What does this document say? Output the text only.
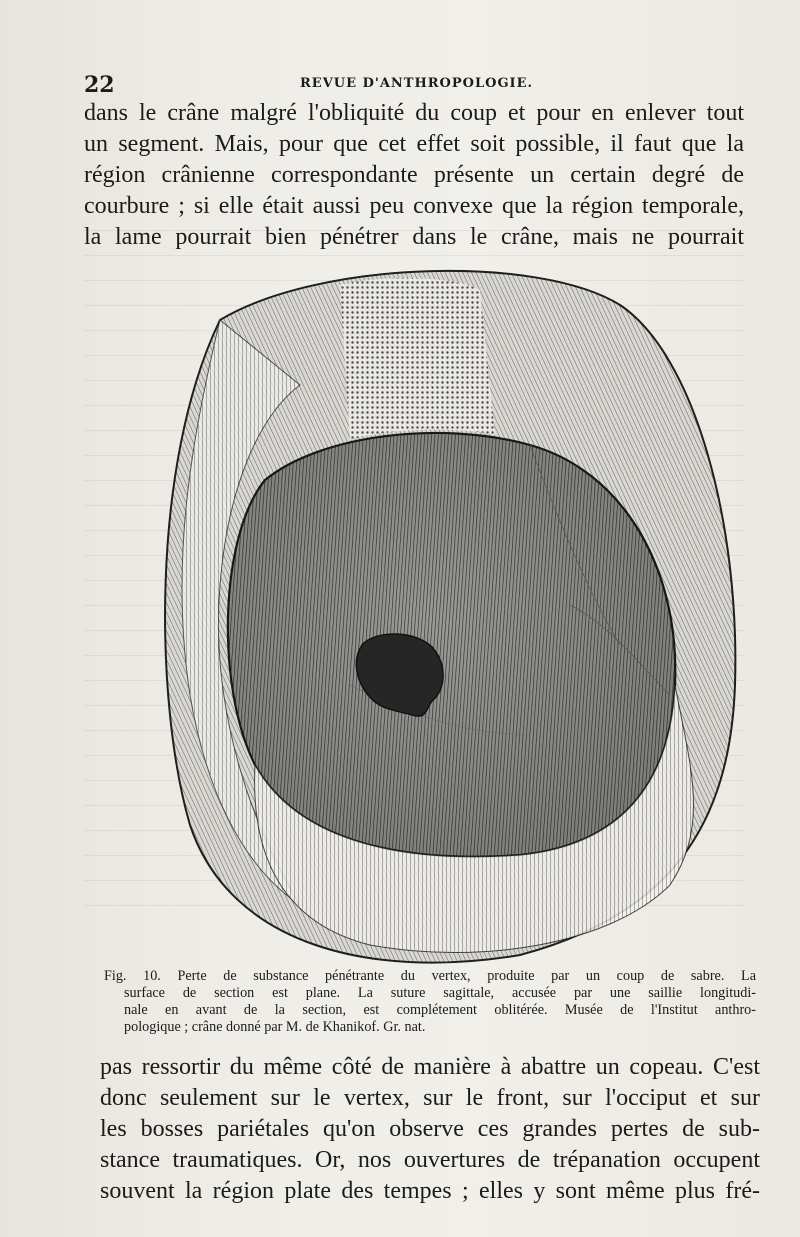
22	REVUE D'ANTHROPOLOGIE.
dans le crâne malgré l'obliquité du coup et pour en enlever tout
un segment. Mais, pour que cet effet soit possible, il faut que la
région crânienne correspondante présente un certain degré de
courbure ; si elle était aussi peu convexe que la région temporale,
la lame pourrait bien pénétrer dans le crâne, mais ne pourrait
Fig. 10. Perte de substance pénétrante du vertex, produite par un coup de sabre. La
surface de section est plane. La suture sagittale, accusée par une saillie longitudi-
nale en avant de la section, est complétement oblitérée. Musée de l'Institut anthro-
pologique ; crâne donné par M. de Khanikof. Gr. nat.
pas ressortir du même côté de manière à abattre un copeau. C'est
donc seulement sur le vertex, sur le front, sur l'occiput et sur
les bosses pariétales qu'on observe ces grandes pertes de sub-
stance traumatiques. Or, nos ouvertures de trépanation occupent
souvent la région plate des tempes ; elles y sont même plus fré-
